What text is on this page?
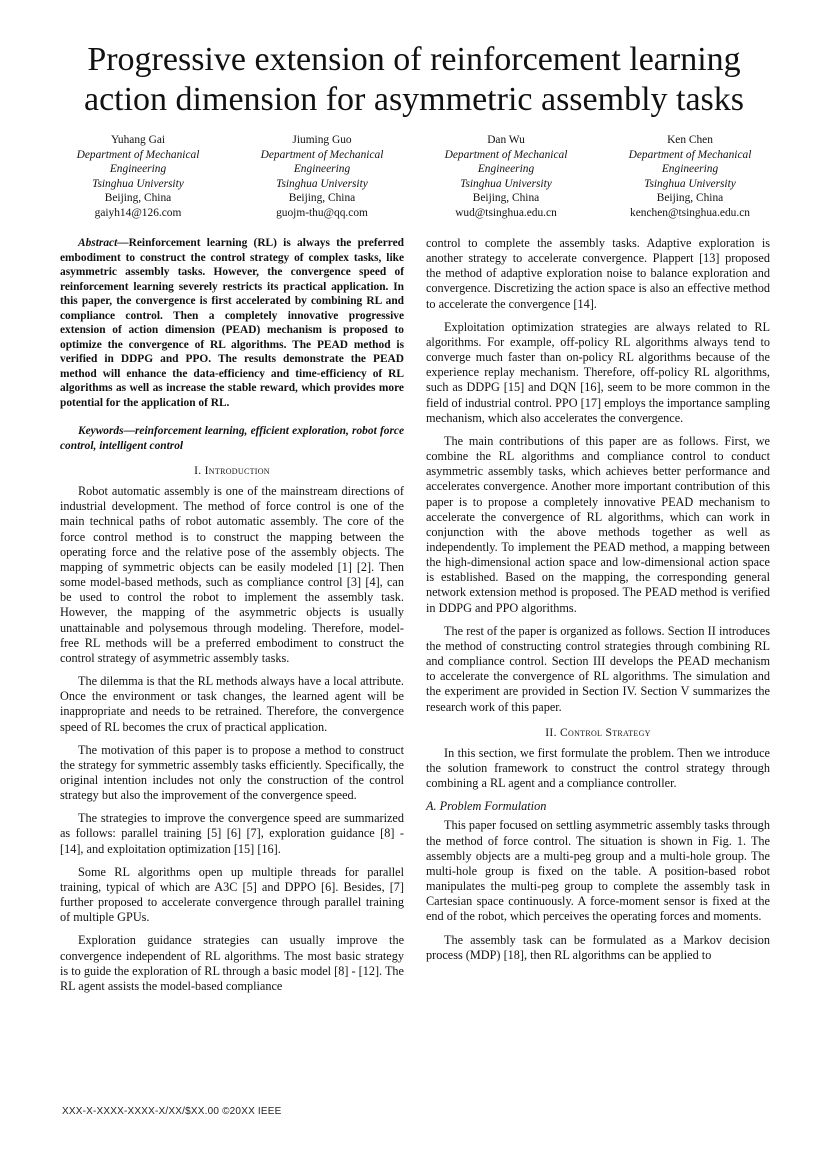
Progressive extension of reinforcement learning
action dimension for asymmetric assembly tasks
Yuhang Gai
Department of Mechanical Engineering
Tsinghua University
Beijing, China
gaiyh14@126.com
Jiuming Guo
Department of Mechanical Engineering
Tsinghua University
Beijing, China
guojm-thu@qq.com
Dan Wu
Department of Mechanical Engineering
Tsinghua University
Beijing, China
wud@tsinghua.edu.cn
Ken Chen
Department of Mechanical Engineering
Tsinghua University
Beijing, China
kenchen@tsinghua.edu.cn

Abstract—Reinforcement learning (RL) is always the preferred embodiment to construct the control strategy of complex tasks, like asymmetric assembly tasks. However, the convergence speed of reinforcement learning severely restricts its practical application. In this paper, the convergence is first accelerated by combining RL and compliance control. Then a completely innovative progressive extension of action dimension (PEAD) mechanism is proposed to optimize the convergence of RL algorithms. The PEAD method is verified in DDPG and PPO. The results demonstrate the PEAD method will enhance the data-efficiency and time-efficiency of RL algorithms as well as increase the stable reward, which provides more potential for the application of RL.

Keywords—reinforcement learning, efficient exploration, robot force control, intelligent control

I. Introduction

Robot automatic assembly is one of the mainstream directions of industrial development. The method of force control is one of the main technical paths of robot automatic assembly. The core of the force control method is to construct the mapping between the operating force and the relative pose of the assembly objects. The mapping of symmetric objects can be easily modeled [1] [2]. Then some model-based methods, such as compliance control [3] [4], can be used to control the robot to implement the assembly task. However, the mapping of the asymmetric objects is usually unattainable and polysemous through modeling. Therefore, model-free RL methods will be a preferred embodiment to construct the control strategy of asymmetric assembly tasks.

The dilemma is that the RL methods always have a local attribute. Once the environment or task changes, the learned agent will be inappropriate and needs to be retrained. Therefore, the convergence speed of RL becomes the crux of practical application.

The motivation of this paper is to propose a method to construct the strategy for symmetric assembly tasks efficiently. Specifically, the original intention includes not only the construction of the control strategy but also the improvement of the convergence speed.

The strategies to improve the convergence speed are summarized as follows: parallel training [5] [6] [7], exploration guidance [8] - [14], and exploitation optimization [15] [16].

Some RL algorithms open up multiple threads for parallel training, typical of which are A3C [5] and DPPO [6]. Besides, [7] further proposed to accelerate convergence through parallel training of multiple GPUs.

Exploration guidance strategies can usually improve the convergence independent of RL algorithms. The most basic strategy is to guide the exploration of RL through a basic model [8] - [12]. The RL agent assists the model-based compliance

control to complete the assembly tasks. Adaptive exploration is another strategy to accelerate convergence. Plappert [13] proposed the method of adaptive exploration noise to balance exploration and convergence. Discretizing the action space is also an effective method to accelerate the convergence [14].

Exploitation optimization strategies are always related to RL algorithms. For example, off-policy RL algorithms always tend to converge much faster than on-policy RL algorithms because of the experience replay mechanism. Therefore, off-policy RL algorithms, such as DDPG [15] and DQN [16], seem to be more common in the field of industrial control. PPO [17] employs the importance sampling mechanism, which also accelerates the convergence.

The main contributions of this paper are as follows. First, we combine the RL algorithms and compliance control to conduct asymmetric assembly tasks, which achieves better performance and accelerates convergence. Another more important contribution of this paper is to propose a completely innovative PEAD mechanism to accelerate the convergence of RL algorithms, which can work in conjunction with the above methods together as well as independently. To implement the PEAD method, a mapping between the high-dimensional action space and low-dimensional action space is established. Based on the mapping, the corresponding general network extension method is proposed. The PEAD method is verified in DDPG and PPO algorithms.

The rest of the paper is organized as follows. Section II introduces the method of constructing control strategies through combining RL and compliance control. Section III develops the PEAD mechanism to accelerate the convergence of RL algorithms. The simulation and the experiment are provided in Section IV. Section V summarizes the research work of this paper.

II. Control Strategy

In this section, we first formulate the problem. Then we introduce the solution framework to construct the control strategy through combining a RL agent and a compliance controller.

A. Problem Formulation

This paper focused on settling asymmetric assembly tasks through the method of force control. The situation is shown in Fig. 1. The assembly objects are a multi-peg group and a multi-hole group. The multi-hole group is fixed on the table. A position-based robot manipulates the multi-peg group to complete the assembly task in Cartesian space continuously. A force-moment sensor is fixed at the end of the robot, which perceives the operating forces and moments.

The assembly task can be formulated as a Markov decision process (MDP) [18], then RL algorithms can be applied to

XXX-X-XXXX-XXXX-X/XX/$XX.00 ©20XX IEEE
